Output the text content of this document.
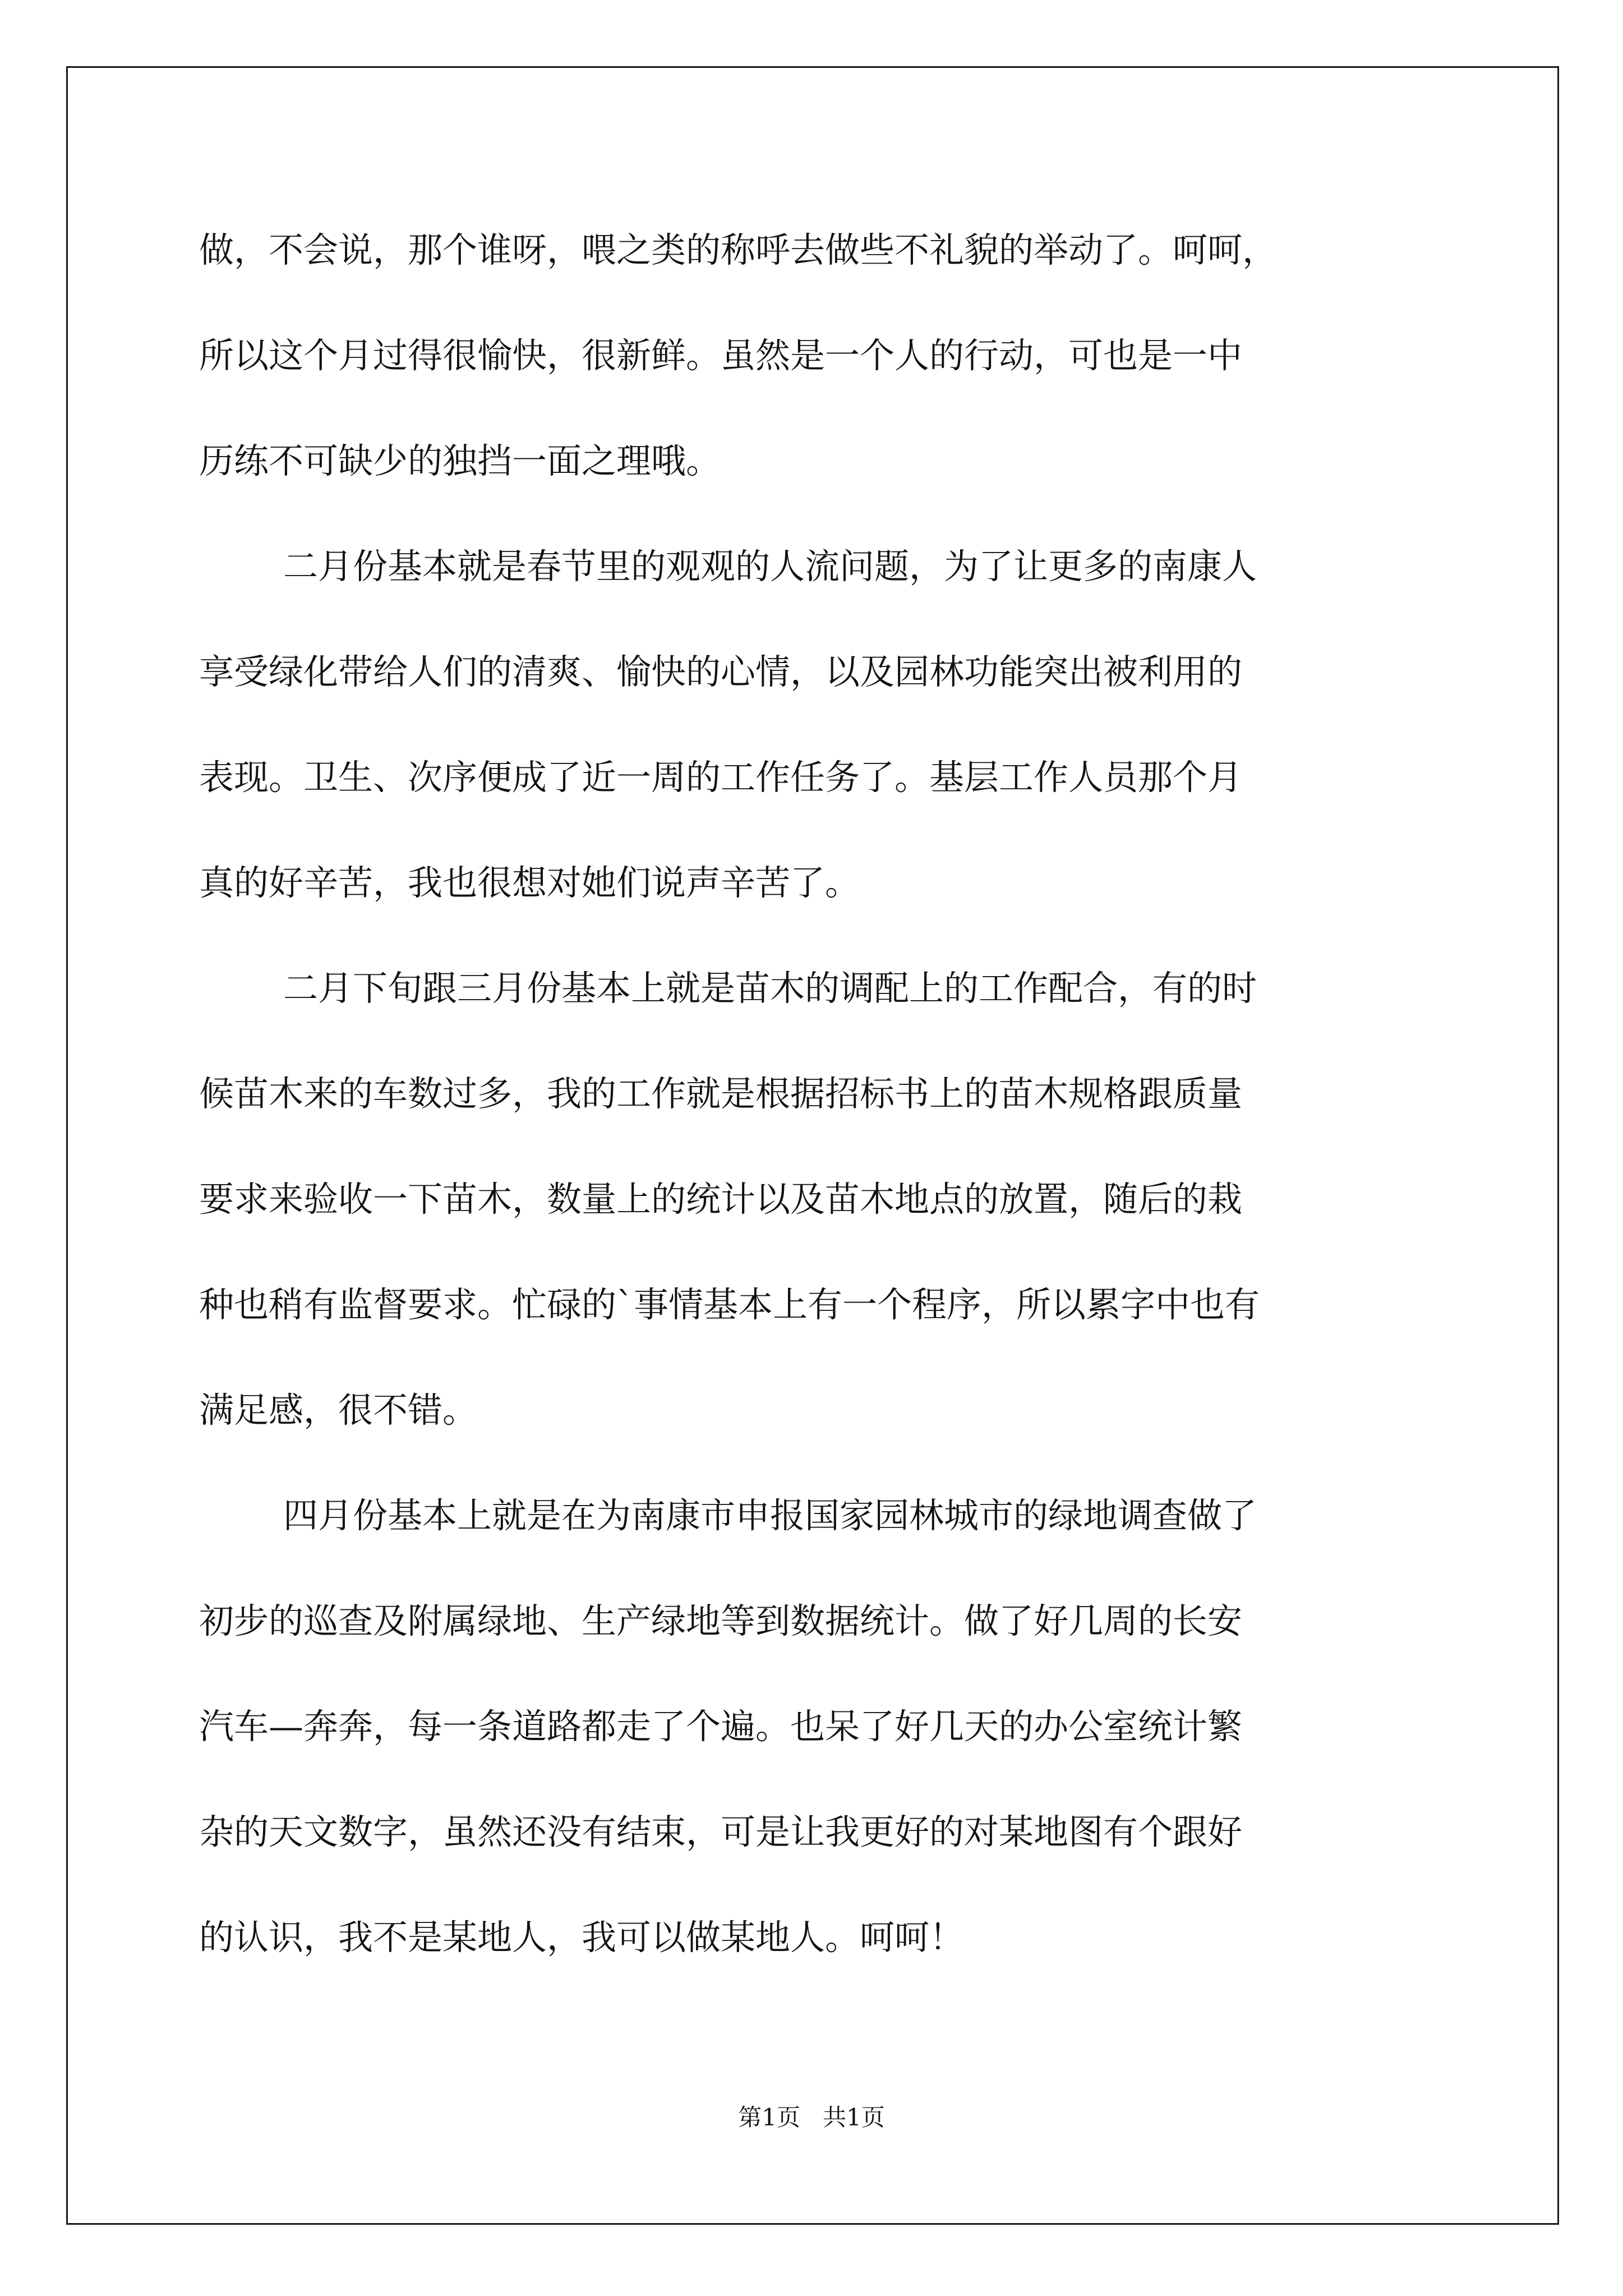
做，不会说，那个谁呀，喂之类的称呼去做些不礼貌的举动了。呵呵，
所以这个月过得很愉快，很新鲜。虽然是一个人的行动，可也是一中
历练不可缺少的独挡一面之理哦。
二月份基本就是春节里的观观的人流问题，为了让更多的南康人
享受绿化带给人们的清爽、愉快的心情，以及园林功能突出被利用的
表现。卫生、次序便成了近一周的工作任务了。基层工作人员那个月
真的好辛苦，我也很想对她们说声辛苦了。
二月下旬跟三月份基本上就是苗木的调配上的工作配合，有的时
候苗木来的车数过多，我的工作就是根据招标书上的苗木规格跟质量
要求来验收一下苗木，数量上的统计以及苗木地点的放置，随后的栽
种也稍有监督要求。忙碌的`事情基本上有一个程序，所以累字中也有
满足感，很不错。
四月份基本上就是在为南康市申报国家园林城市的绿地调查做了
初步的巡查及附属绿地、生产绿地等到数据统计。做了好几周的长安
汽车—奔奔，每一条道路都走了个遍。也呆了好几天的办公室统计繁
杂的天文数字，虽然还没有结束，可是让我更好的对某地图有个跟好
的认识，我不是某地人，我可以做某地人。呵呵！
第1页   共1页
